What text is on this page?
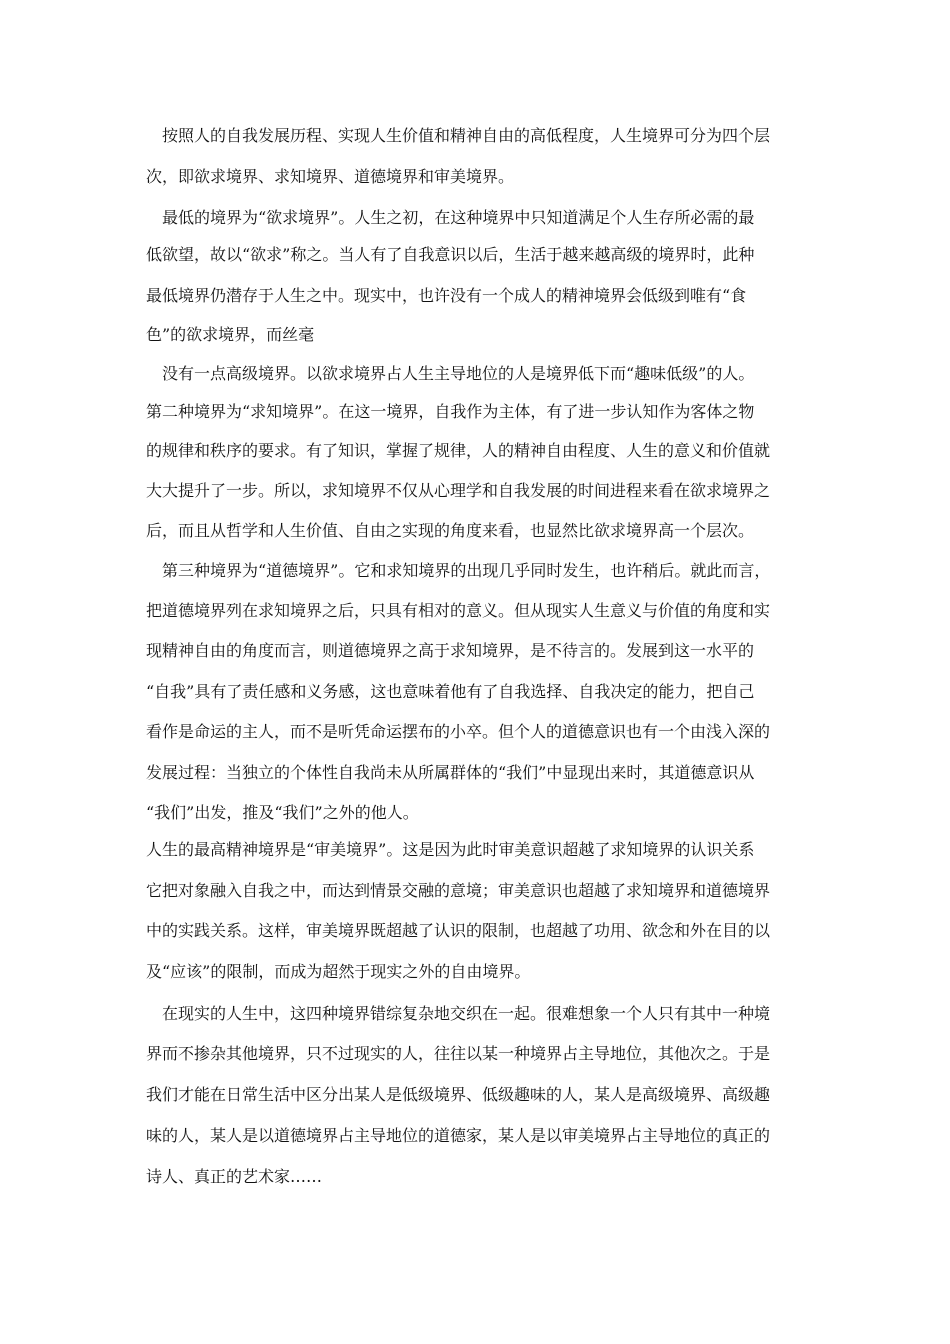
　按照人的自我发展历程、实现人生价值和精神自由的高低程度，人生境界可分为四个层
次，即欲求境界、求知境界、道德境界和审美境界。
　最低的境界为“欲求境界”。人生之初，在这种境界中只知道满足个人生存所必需的最
低欲望，故以“欲求”称之。当人有了自我意识以后，生活于越来越高级的境界时，此种
最低境界仍潜存于人生之中。现实中，也许没有一个成人的精神境界会低级到唯有“食
色”的欲求境界，而丝毫
　没有一点高级境界。以欲求境界占人生主导地位的人是境界低下而“趣味低级”的人。
第二种境界为“求知境界”。在这一境界，自我作为主体，有了进一步认知作为客体之物
的规律和秩序的要求。有了知识，掌握了规律，人的精神自由程度、人生的意义和价值就
大大提升了一步。所以，求知境界不仅从心理学和自我发展的时间进程来看在欲求境界之
后，而且从哲学和人生价值、自由之实现的角度来看，也显然比欲求境界高一个层次。
　第三种境界为“道德境界”。它和求知境界的出现几乎同时发生，也许稍后。就此而言，
把道德境界列在求知境界之后，只具有相对的意义。但从现实人生意义与价值的角度和实
现精神自由的角度而言，则道德境界之高于求知境界，是不待言的。发展到这一水平的
“自我”具有了责任感和义务感，这也意味着他有了自我选择、自我决定的能力，把自己
看作是命运的主人，而不是听凭命运摆布的小卒。但个人的道德意识也有一个由浅入深的
发展过程：当独立的个体性自我尚未从所属群体的“我们”中显现出来时，其道德意识从
“我们”出发，推及“我们”之外的他人。
人生的最高精神境界是“审美境界”。这是因为此时审美意识超越了求知境界的认识关系
它把对象融入自我之中，而达到情景交融的意境；审美意识也超越了求知境界和道德境界
中的实践关系。这样，审美境界既超越了认识的限制，也超越了功用、欲念和外在目的以
及“应该”的限制，而成为超然于现实之外的自由境界。
　在现实的人生中，这四种境界错综复杂地交织在一起。很难想象一个人只有其中一种境
界而不掺杂其他境界，只不过现实的人，往往以某一种境界占主导地位，其他次之。于是
我们才能在日常生活中区分出某人是低级境界、低级趣味的人，某人是高级境界、高级趣
味的人，某人是以道德境界占主导地位的道德家，某人是以审美境界占主导地位的真正的
诗人、真正的艺术家……
